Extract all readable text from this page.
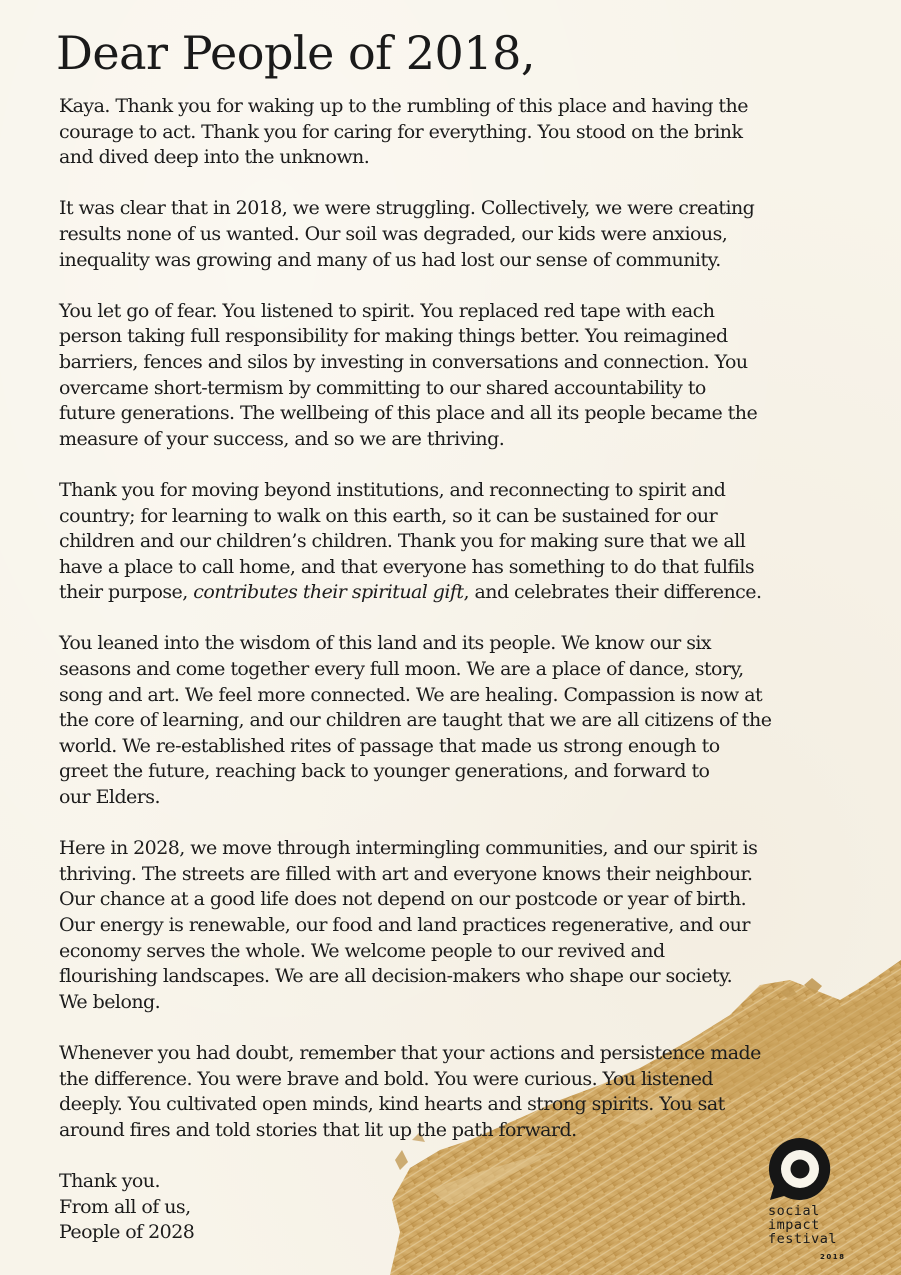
Dear People of 2018,

Kaya. Thank you for waking up to the rumbling of this place and having the
courage to act. Thank you for caring for everything. You stood on the brink
and dived deep into the unknown.

It was clear that in 2018, we were struggling. Collectively, we were creating
results none of us wanted. Our soil was degraded, our kids were anxious,
inequality was growing and many of us had lost our sense of community.

You let go of fear. You listened to spirit. You replaced red tape with each
person taking full responsibility for making things better. You reimagined
barriers, fences and silos by investing in conversations and connection. You
overcame short-termism by committing to our shared accountability to
future generations. The wellbeing of this place and all its people became the
measure of your success, and so we are thriving.

Thank you for moving beyond institutions, and reconnecting to spirit and
country; for learning to walk on this earth, so it can be sustained for our
children and our children’s children. Thank you for making sure that we all
have a place to call home, and that everyone has something to do that fulfils
their purpose, contributes their spiritual gift, and celebrates their difference.

You leaned into the wisdom of this land and its people. We know our six
seasons and come together every full moon. We are a place of dance, story,
song and art. We feel more connected. We are healing. Compassion is now at
the core of learning, and our children are taught that we are all citizens of the
world. We re-established rites of passage that made us strong enough to
greet the future, reaching back to younger generations, and forward to
our Elders.

Here in 2028, we move through intermingling communities, and our spirit is
thriving. The streets are filled with art and everyone knows their neighbour.
Our chance at a good life does not depend on our postcode or year of birth.
Our energy is renewable, our food and land practices regenerative, and our
economy serves the whole. We welcome people to our revived and
flourishing landscapes. We are all decision-makers who shape our society.
We belong.

Whenever you had doubt, remember that your actions and persistence made
the difference. You were brave and bold. You were curious. You listened
deeply. You cultivated open minds, kind hearts and strong spirits. You sat
around fires and told stories that lit up the path forward.

Thank you.
From all of us,
People of 2028

social
impact
festival
2018
